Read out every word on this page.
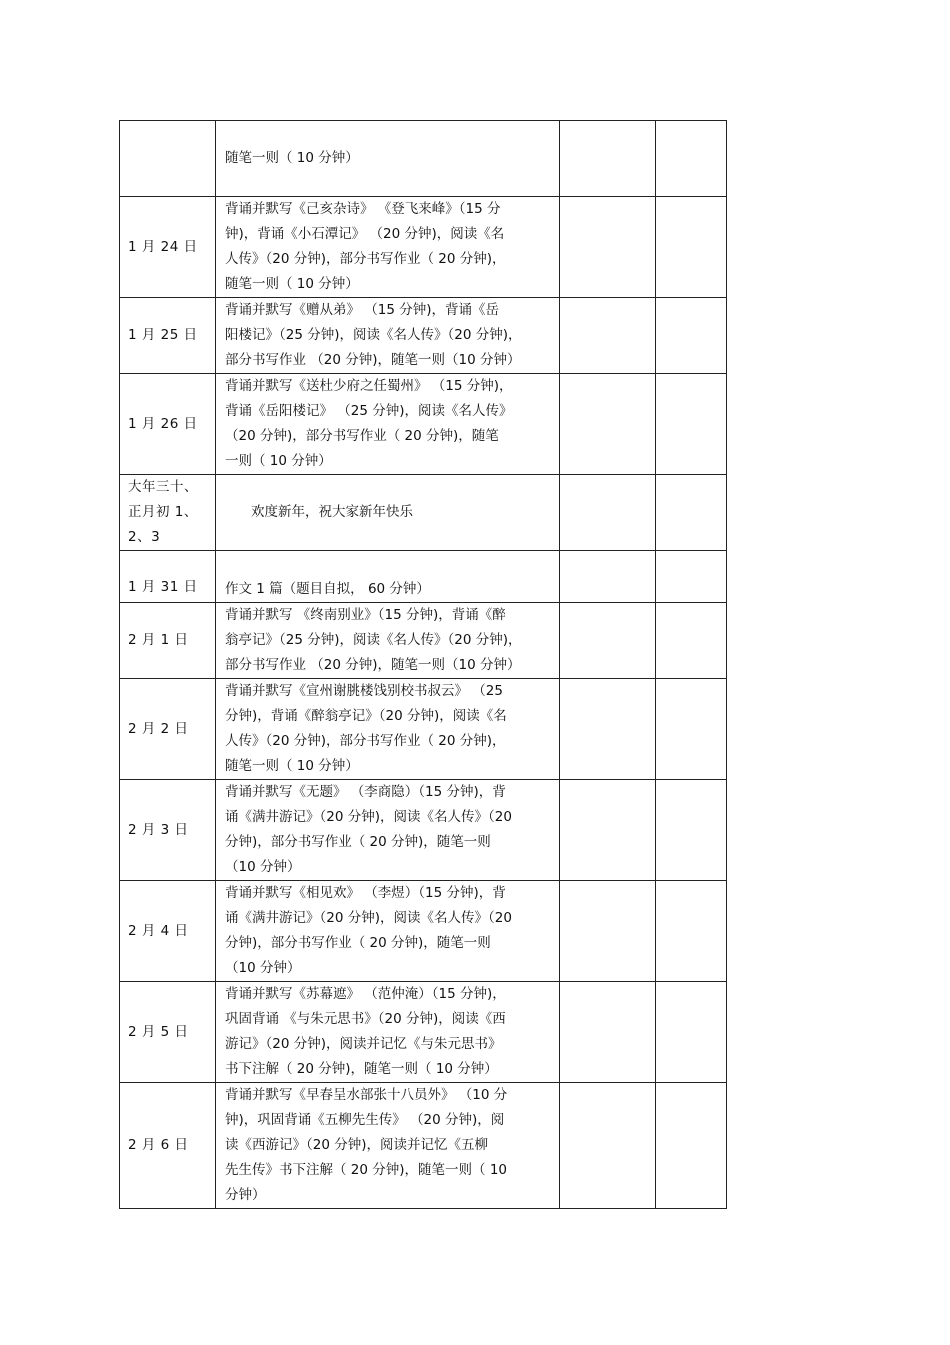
	随笔一则（ 10 分钟）		

1 月 24 日	背诵并默写《己亥杂诗》 《登飞来峰》（15 分
钟)，背诵《小石潭记》 （20 分钟)，阅读《名
人传》（20 分钟)，部分书写作业（ 20 分钟)，
随笔一则（ 10 分钟）		

1 月 25 日	背诵并默写《赠从弟》 （15 分钟)，背诵《岳
阳楼记》（25 分钟)，阅读《名人传》（20 分钟)，
部分书写作业 （20 分钟)，随笔一则（10 分钟）		

1 月 26 日	背诵并默写《送杜少府之任蜀州》 （15 分钟)，
背诵《岳阳楼记》 （25 分钟)，阅读《名人传》
（20 分钟)，部分书写作业（ 20 分钟)，随笔
一则（ 10 分钟）		

大年三十、
正月初 1、
2、3	欢度新年，祝大家新年快乐		
1 月 31 日	作文 1 篇（题目自拟， 60 分钟）		

2 月 1 日	背诵并默写 《终南别业》（15 分钟)，背诵《醉
翁亭记》（25 分钟)，阅读《名人传》（20 分钟)，
部分书写作业 （20 分钟)，随笔一则（10 分钟）		

2 月 2 日	背诵并默写《宣州谢朓楼饯别校书叔云》 （25
分钟)，背诵《醉翁亭记》（20 分钟)，阅读《名
人传》（20 分钟)，部分书写作业（ 20 分钟)，
随笔一则（ 10 分钟）		

2 月 3 日	背诵并默写《无题》 （李商隐）（15 分钟)，背
诵《满井游记》（20 分钟)，阅读《名人传》（20
分钟)，部分书写作业（ 20 分钟)，随笔一则
（10 分钟）		

2 月 4 日	背诵并默写《相见欢》 （李煜）（15 分钟)，背
诵《满井游记》（20 分钟)，阅读《名人传》（20
分钟)，部分书写作业（ 20 分钟)，随笔一则
（10 分钟）		

2 月 5 日	背诵并默写《苏幕遮》 （范仲淹）（15 分钟)，
巩固背诵 《与朱元思书》（20 分钟)，阅读《西
游记》（20 分钟)，阅读并记忆《与朱元思书》
书下注解（ 20 分钟)，随笔一则（ 10 分钟）		

2 月 6 日	背诵并默写《早春呈水部张十八员外》 （10 分
钟)，巩固背诵《五柳先生传》 （20 分钟)，阅
读《西游记》（20 分钟)，阅读并记忆《五柳
先生传》书下注解（ 20 分钟)，随笔一则（ 10
分钟）		
